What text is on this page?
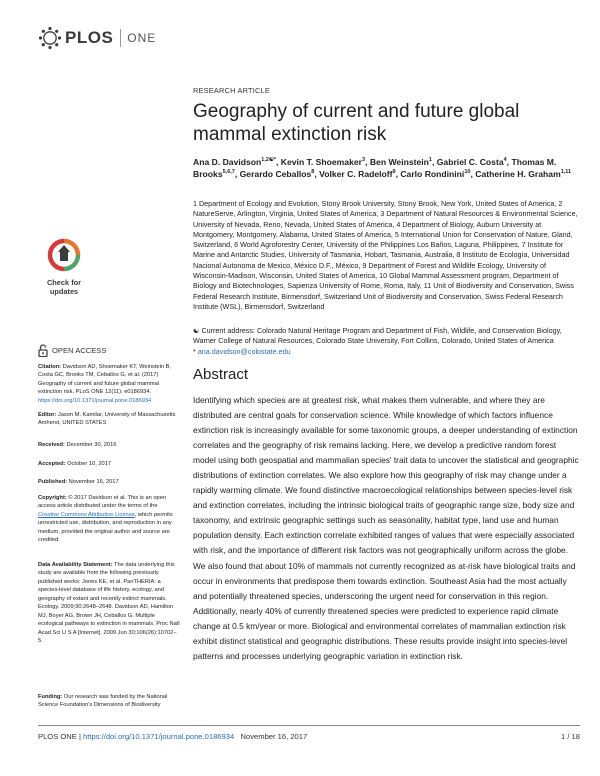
PLOS ONE
Check for updates
OPEN ACCESS
Citation: Davidson AD, Shoemaker KT, Weinstein B, Costa GC, Brooks TM, Ceballos G, et al. (2017) Geography of current and future global mammal extinction risk. PLoS ONE 12(11): e0186934. https://doi.org/10.1371/journal.pone.0186934
Editor: Jason M. Kamilar, University of Massachusetts Amherst, UNITED STATES
Received: December 30, 2016
Accepted: October 10, 2017
Published: November 16, 2017
Copyright: © 2017 Davidson et al. This is an open access article distributed under the terms of the Creative Commons Attribution License, which permits unrestricted use, distribution, and reproduction in any medium, provided the original author and source are credited.
Data Availability Statement: The data underlying this study are available from the following previously published works: Jones KE, et al. PanTHERIA: a species-level database of life history, ecology, and geography of extant and recently extinct mammals. Ecology. 2009;90:2648–2648. Davidson AD, Hamilton MJ, Boyer AG, Brown JH, Ceballos G. Multiple ecological pathways to extinction in mammals. Proc Natl Acad Sci U S A [Internet]. 2009 Jun 30;106(26):10702–5.
Funding: Our research was funded by the National Science Foundation's Dimensions of Biodiversity
RESEARCH ARTICLE
Geography of current and future global mammal extinction risk
Ana D. Davidson$^{1,2☯*}$, Kevin T. Shoemaker$^3$, Ben Weinstein$^1$, Gabriel C. Costa$^4$, Thomas M. Brooks$^{5,6,7}$, Gerardo Ceballos$^8$, Volker C. Radeloff$^9$, Carlo Rondinini$^{10}$, Catherine H. Graham$^{1,11}$
1 Department of Ecology and Evolution, Stony Brook University, Stony Brook, New York, United States of America, 2 NatureServe, Arlington, Virginia, United States of America, 3 Department of Natural Resources & Environmental Science, University of Nevada, Reno, Nevada, United States of America, 4 Department of Biology, Auburn University at Montgomery, Montgomery, Alabama, United States of America, 5 International Union for Conservation of Nature, Gland, Switzerland, 6 World Agroforestry Center, University of the Philippines Los Baños, Laguna, Philippines, 7 Institute for Marine and Antarctic Studies, University of Tasmania, Hobart, Tasmania, Australia, 8 Instituto de Ecología, Universidad Nacional Autonoma de Mexico, México D.F., México, 9 Department of Forest and Wildlife Ecology, University of Wisconsin-Madison, Wisconsin, United States of America, 10 Global Mammal Assessment program, Department of Biology and Biotechnologies, Sapienza University of Rome, Roma, Italy, 11 Unit of Biodiversity and Conservation, Swiss Federal Research Institute, Birmensdorf, Switzerland Unit of Biodiversity and Conservation, Swiss Federal Research Institute (WSL), Birmensdorf, Switzerland
☯ Current address: Colorado Natural Heritage Program and Department of Fish, Wildlife, and Conservation Biology, Warner College of Natural Resources, Colorado State University, Fort Collins, Colorado, United States of America
* ana.davidson@colostate.edu
Abstract
Identifying which species are at greatest risk, what makes them vulnerable, and where they are distributed are central goals for conservation science. While knowledge of which factors influence extinction risk is increasingly available for some taxonomic groups, a deeper understanding of extinction correlates and the geography of risk remains lacking. Here, we develop a predictive random forest model using both geospatial and mammalian species' trait data to uncover the statistical and geographic distributions of extinction correlates. We also explore how this geography of risk may change under a rapidly warming climate. We found distinctive macroecological relationships between species-level risk and extinction correlates, including the intrinsic biological traits of geographic range size, body size and taxonomy, and extrinsic geographic settings such as seasonality, habitat type, land use and human population density. Each extinction correlate exhibited ranges of values that were especially associated with risk, and the importance of different risk factors was not geographically uniform across the globe. We also found that about 10% of mammals not currently recognized as at-risk have biological traits and occur in environments that predispose them towards extinction. Southeast Asia had the most actually and potentially threatened species, underscoring the urgent need for conservation in this region. Additionally, nearly 40% of currently threatened species were predicted to experience rapid climate change at 0.5 km/year or more. Biological and environmental correlates of mammalian extinction risk exhibit distinct statistical and geographic distributions. These results provide insight into species-level patterns and processes underlying geographic variation in extinction risk.
PLOS ONE | https://doi.org/10.1371/journal.pone.0186934 November 16, 2017	1 / 18
